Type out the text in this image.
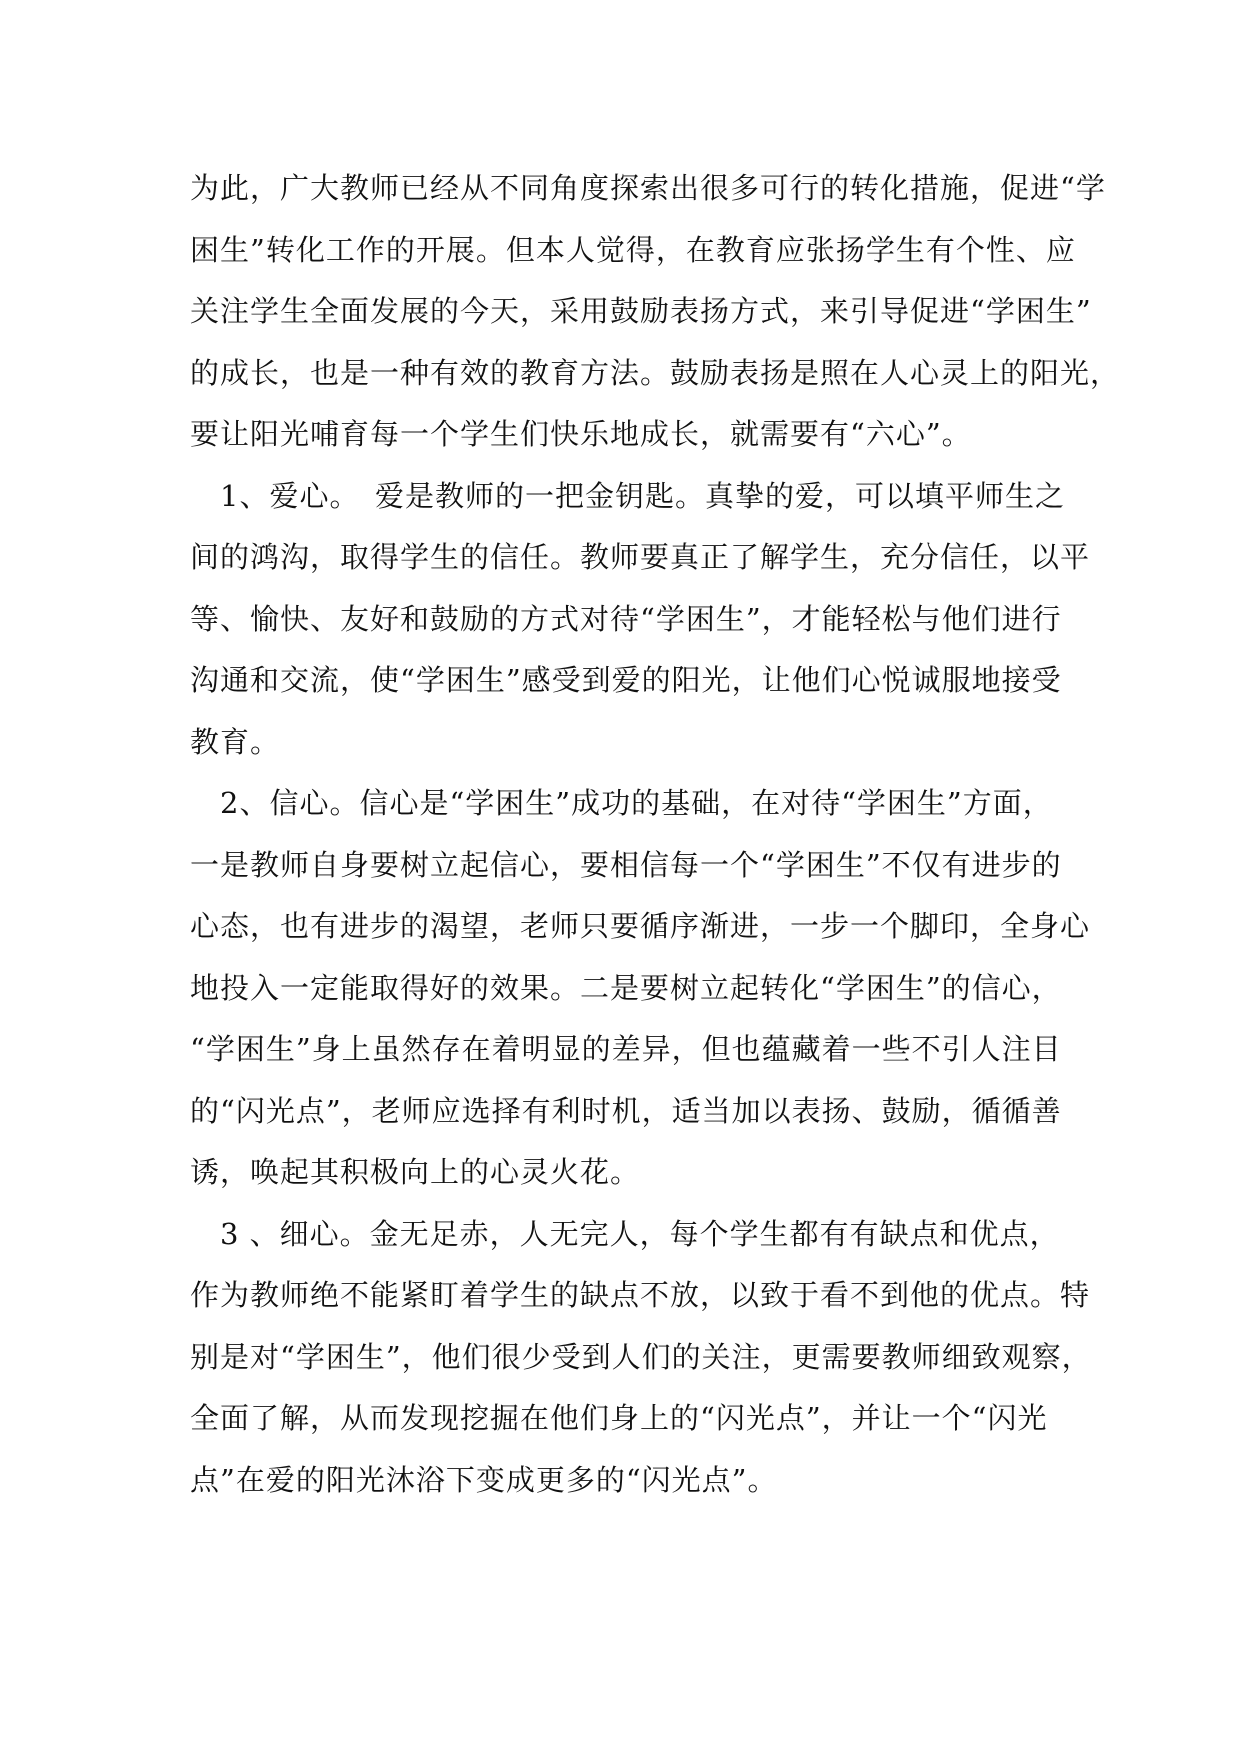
为此，广大教师已经从不同角度探索出很多可行的转化措施，促进“学
困生”转化工作的开展。但本人觉得，在教育应张扬学生有个性、应
关注学生全面发展的今天，采用鼓励表扬方式，来引导促进“学困生”
的成长，也是一种有效的教育方法。鼓励表扬是照在人心灵上的阳光，
要让阳光哺育每一个学生们快乐地成长，就需要有“六心”。
　1、爱心。　爱是教师的一把金钥匙。真挚的爱，可以填平师生之
间的鸿沟，取得学生的信任。教师要真正了解学生，充分信任，以平
等、愉快、友好和鼓励的方式对待“学困生”，才能轻松与他们进行
沟通和交流，使“学困生”感受到爱的阳光，让他们心悦诚服地接受
教育。
　2、信心。信心是“学困生”成功的基础，在对待“学困生”方面，
一是教师自身要树立起信心，要相信每一个“学困生”不仅有进步的
心态，也有进步的渴望，老师只要循序渐进，一步一个脚印，全身心
地投入一定能取得好的效果。二是要树立起转化“学困生”的信心，
“学困生”身上虽然存在着明显的差异，但也蕴藏着一些不引人注目
的“闪光点”，老师应选择有利时机，适当加以表扬、鼓励，循循善
诱，唤起其积极向上的心灵火花。
　3 、细心。金无足赤，人无完人，每个学生都有有缺点和优点，
作为教师绝不能紧盯着学生的缺点不放，以致于看不到他的优点。特
别是对“学困生”，他们很少受到人们的关注，更需要教师细致观察，
全面了解，从而发现挖掘在他们身上的“闪光点”，并让一个“闪光
点”在爱的阳光沐浴下变成更多的“闪光点”。
